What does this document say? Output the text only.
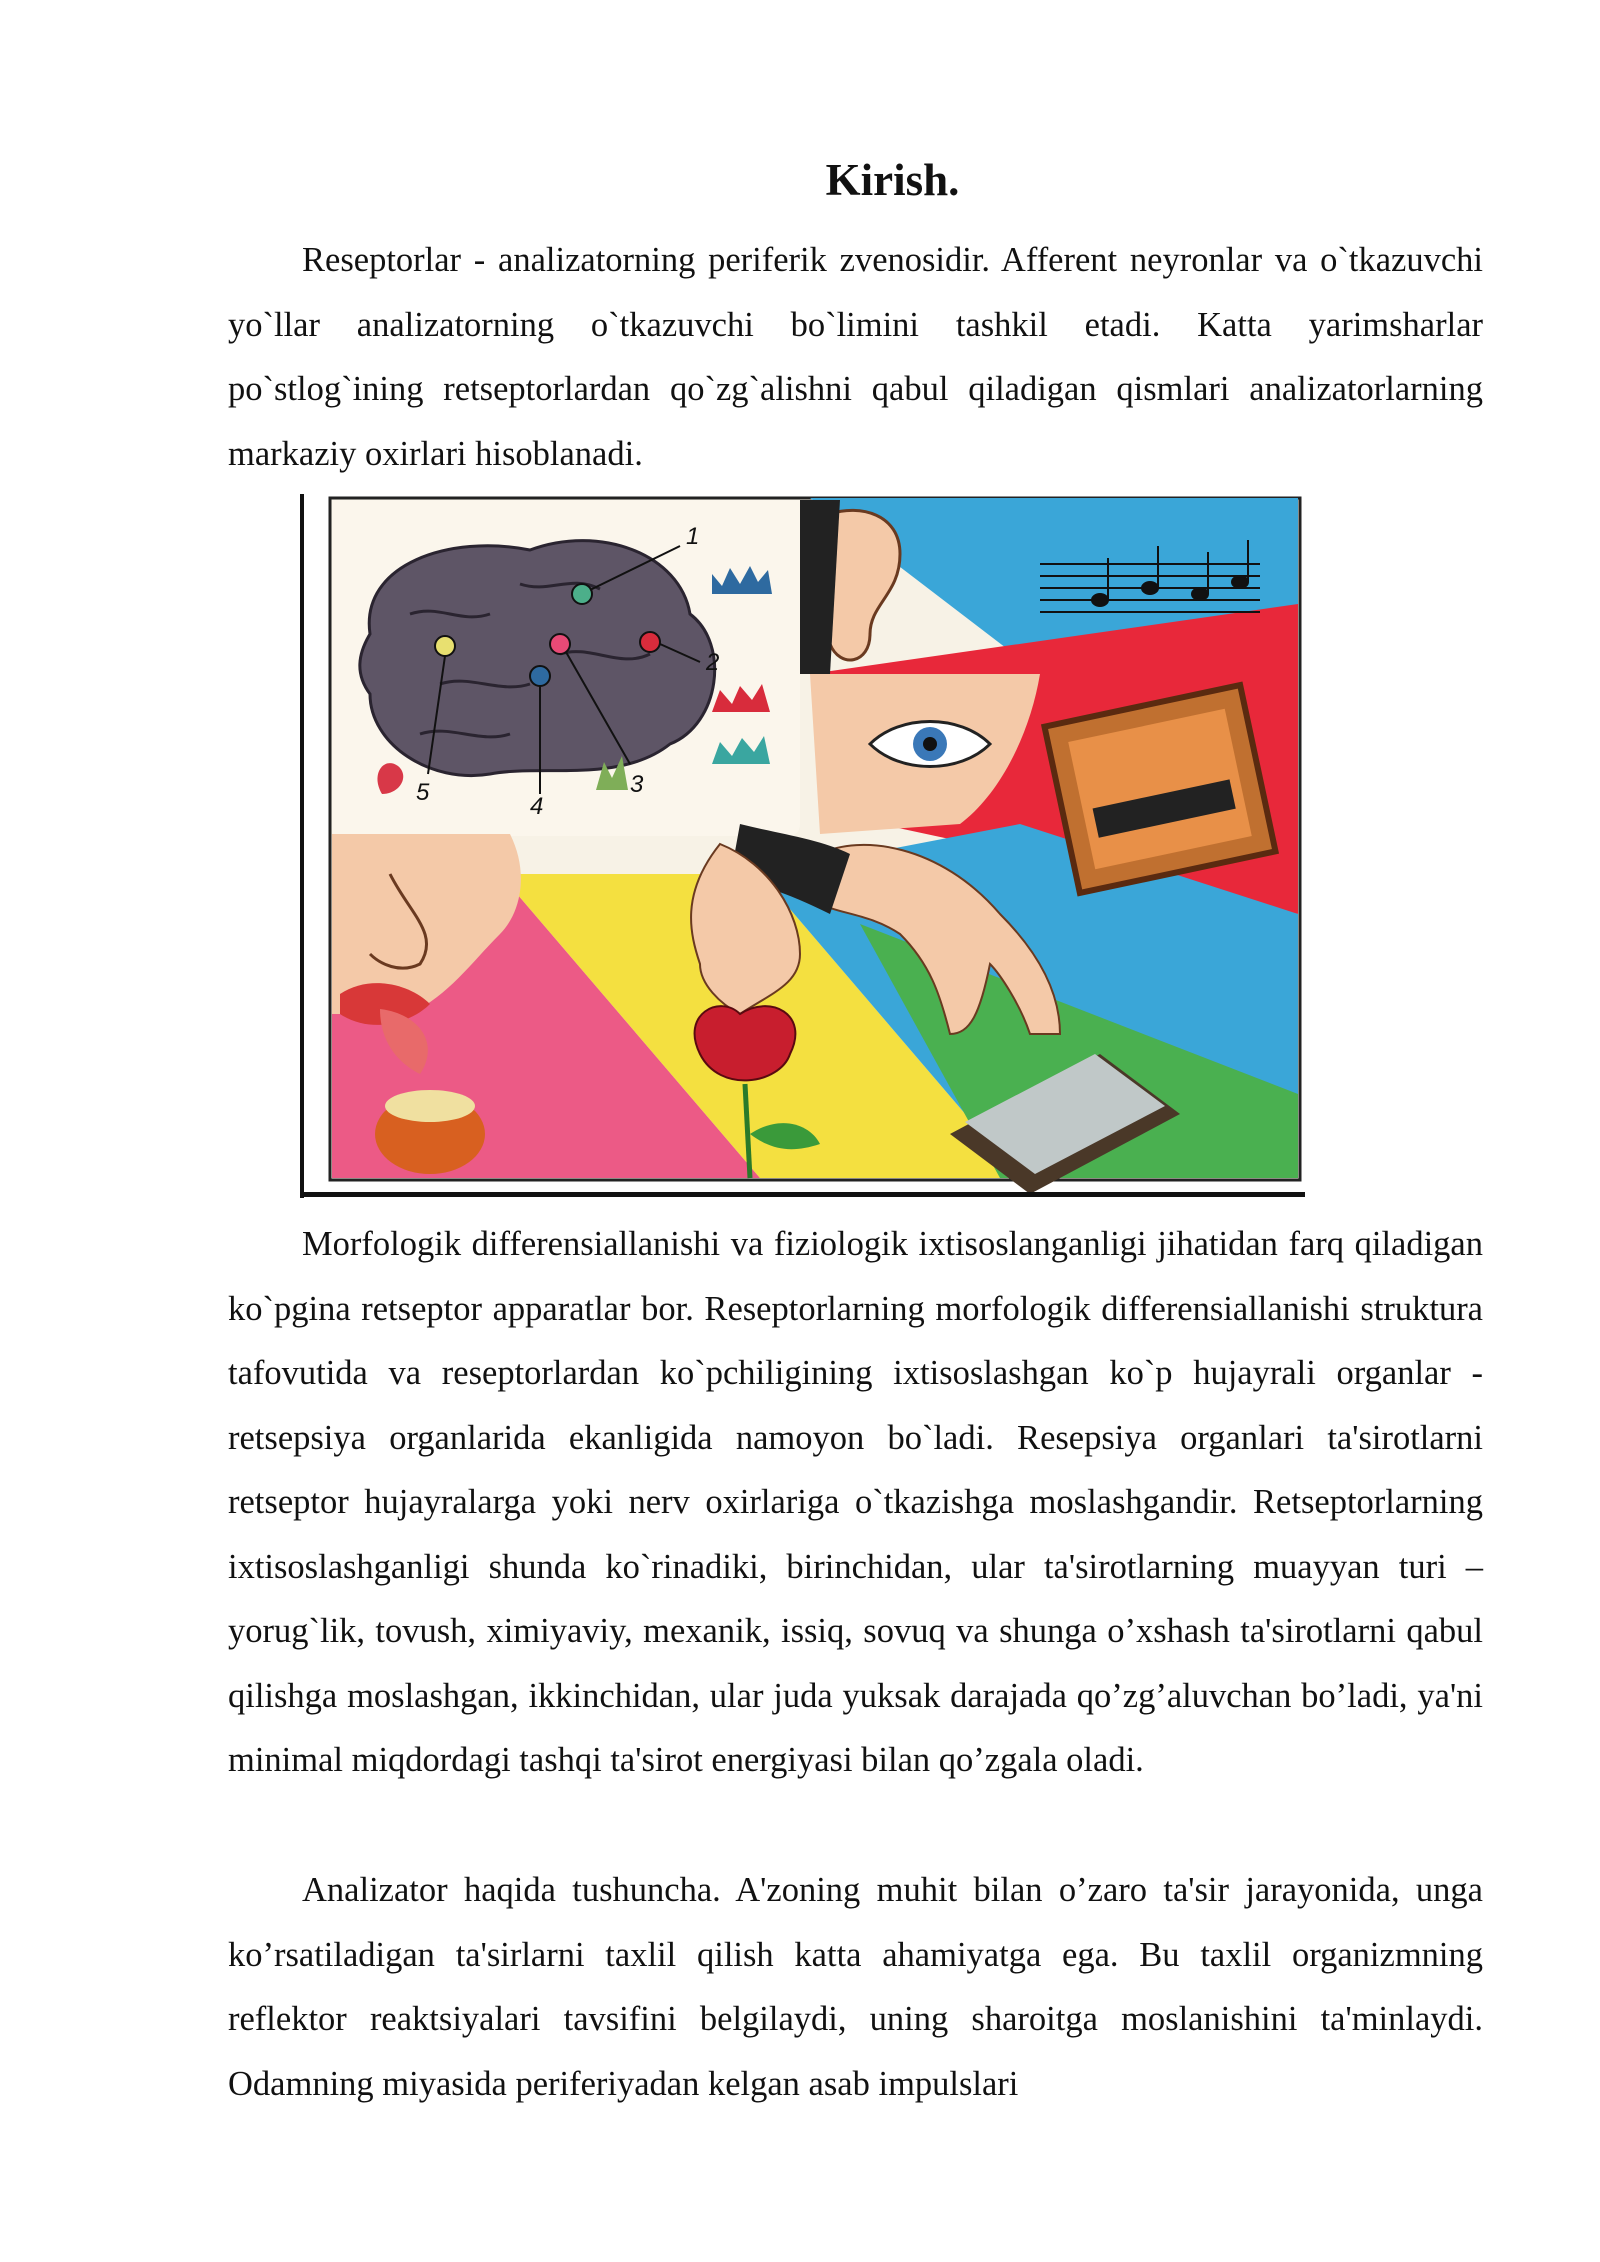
Kirish.

Reseptorlar - analizatorning periferik zvenosidir. Afferent neyronlar va o`tkazuvchi yo`llar analizatorning o`tkazuvchi bo`limini tashkil etadi. Katta yarimsharlar po`stlog`ining retseptorlardan qo`zg`alishni qabul qiladigan qismlari analizatorlarning markaziy oxirlari hisoblanadi.

1
2
3
4
5

Morfologik differensiallanishi va fiziologik ixtisoslanganligi jihatidan farq qiladigan ko`pgina retseptor apparatlar bor. Reseptorlarning morfologik differensiallanishi struktura tafovutida va reseptorlardan ko`pchiligining ixtisoslashgan ko`p hujayrali organlar - retsepsiya organlarida ekanligida namoyon bo`ladi. Resepsiya organlari ta'sirotlarni retseptor hujayralarga yoki nerv oxirlariga o`tkazishga moslashgandir. Retseptorlarning ixtisoslashganligi shunda ko`rinadiki, birinchidan, ular ta'sirotlarning muayyan turi – yorug`lik, tovush, ximiyaviy, mexanik, issiq, sovuq va shunga o’xshash ta'sirotlarni qabul qilishga moslashgan, ikkinchidan, ular juda yuksak darajada qo’zg’aluvchan bo’ladi, ya'ni minimal miqdordagi tashqi ta'sirot energiyasi bilan qo’zgala oladi.

Analizator haqida tushuncha. A'zoning muhit bilan o’zaro ta'sir jarayonida, unga ko’rsatiladigan ta'sirlarni taxlil qilish katta ahamiyatga ega. Bu taxlil organizmning reflektor reaktsiyalari tavsifini belgilaydi, uning sharoitga moslanishini ta'minlaydi. Odamning miyasida periferiyadan kelgan asab impulslari
